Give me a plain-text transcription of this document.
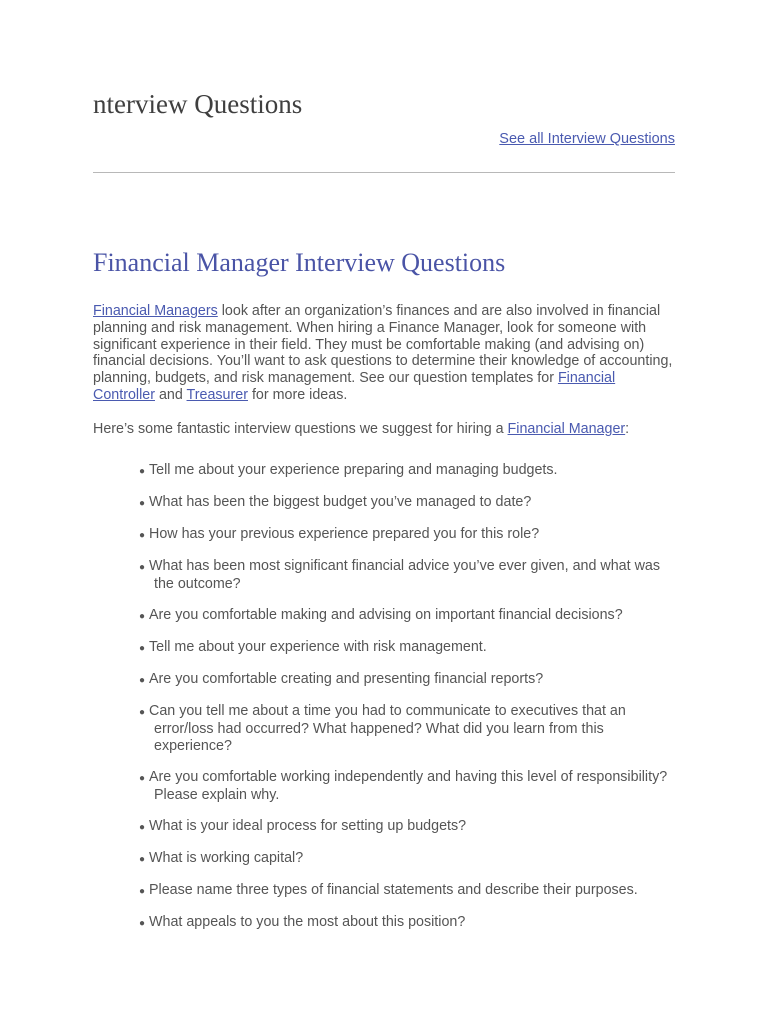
nterview Questions
See all Interview Questions
Financial Manager Interview Questions

Financial Managers look after an organization’s finances and are also involved in financial planning and risk management. When hiring a Finance Manager, look for someone with significant experience in their field. They must be comfortable making (and advising on) financial decisions. You’ll want to ask questions to determine their knowledge of accounting, planning, budgets, and risk management. See our question templates for Financial Controller and Treasurer for more ideas.

Here’s some fantastic interview questions we suggest for hiring a Financial Manager:

● Tell me about your experience preparing and managing budgets.
● What has been the biggest budget you’ve managed to date?
● How has your previous experience prepared you for this role?
● What has been most significant financial advice you’ve ever given, and what was the outcome?
● Are you comfortable making and advising on important financial decisions?
● Tell me about your experience with risk management.
● Are you comfortable creating and presenting financial reports?
● Can you tell me about a time you had to communicate to executives that an error/loss had occurred? What happened? What did you learn from this experience?
● Are you comfortable working independently and having this level of responsibility? Please explain why.
● What is your ideal process for setting up budgets?
● What is working capital?
● Please name three types of financial statements and describe their purposes.
● What appeals to you the most about this position?
